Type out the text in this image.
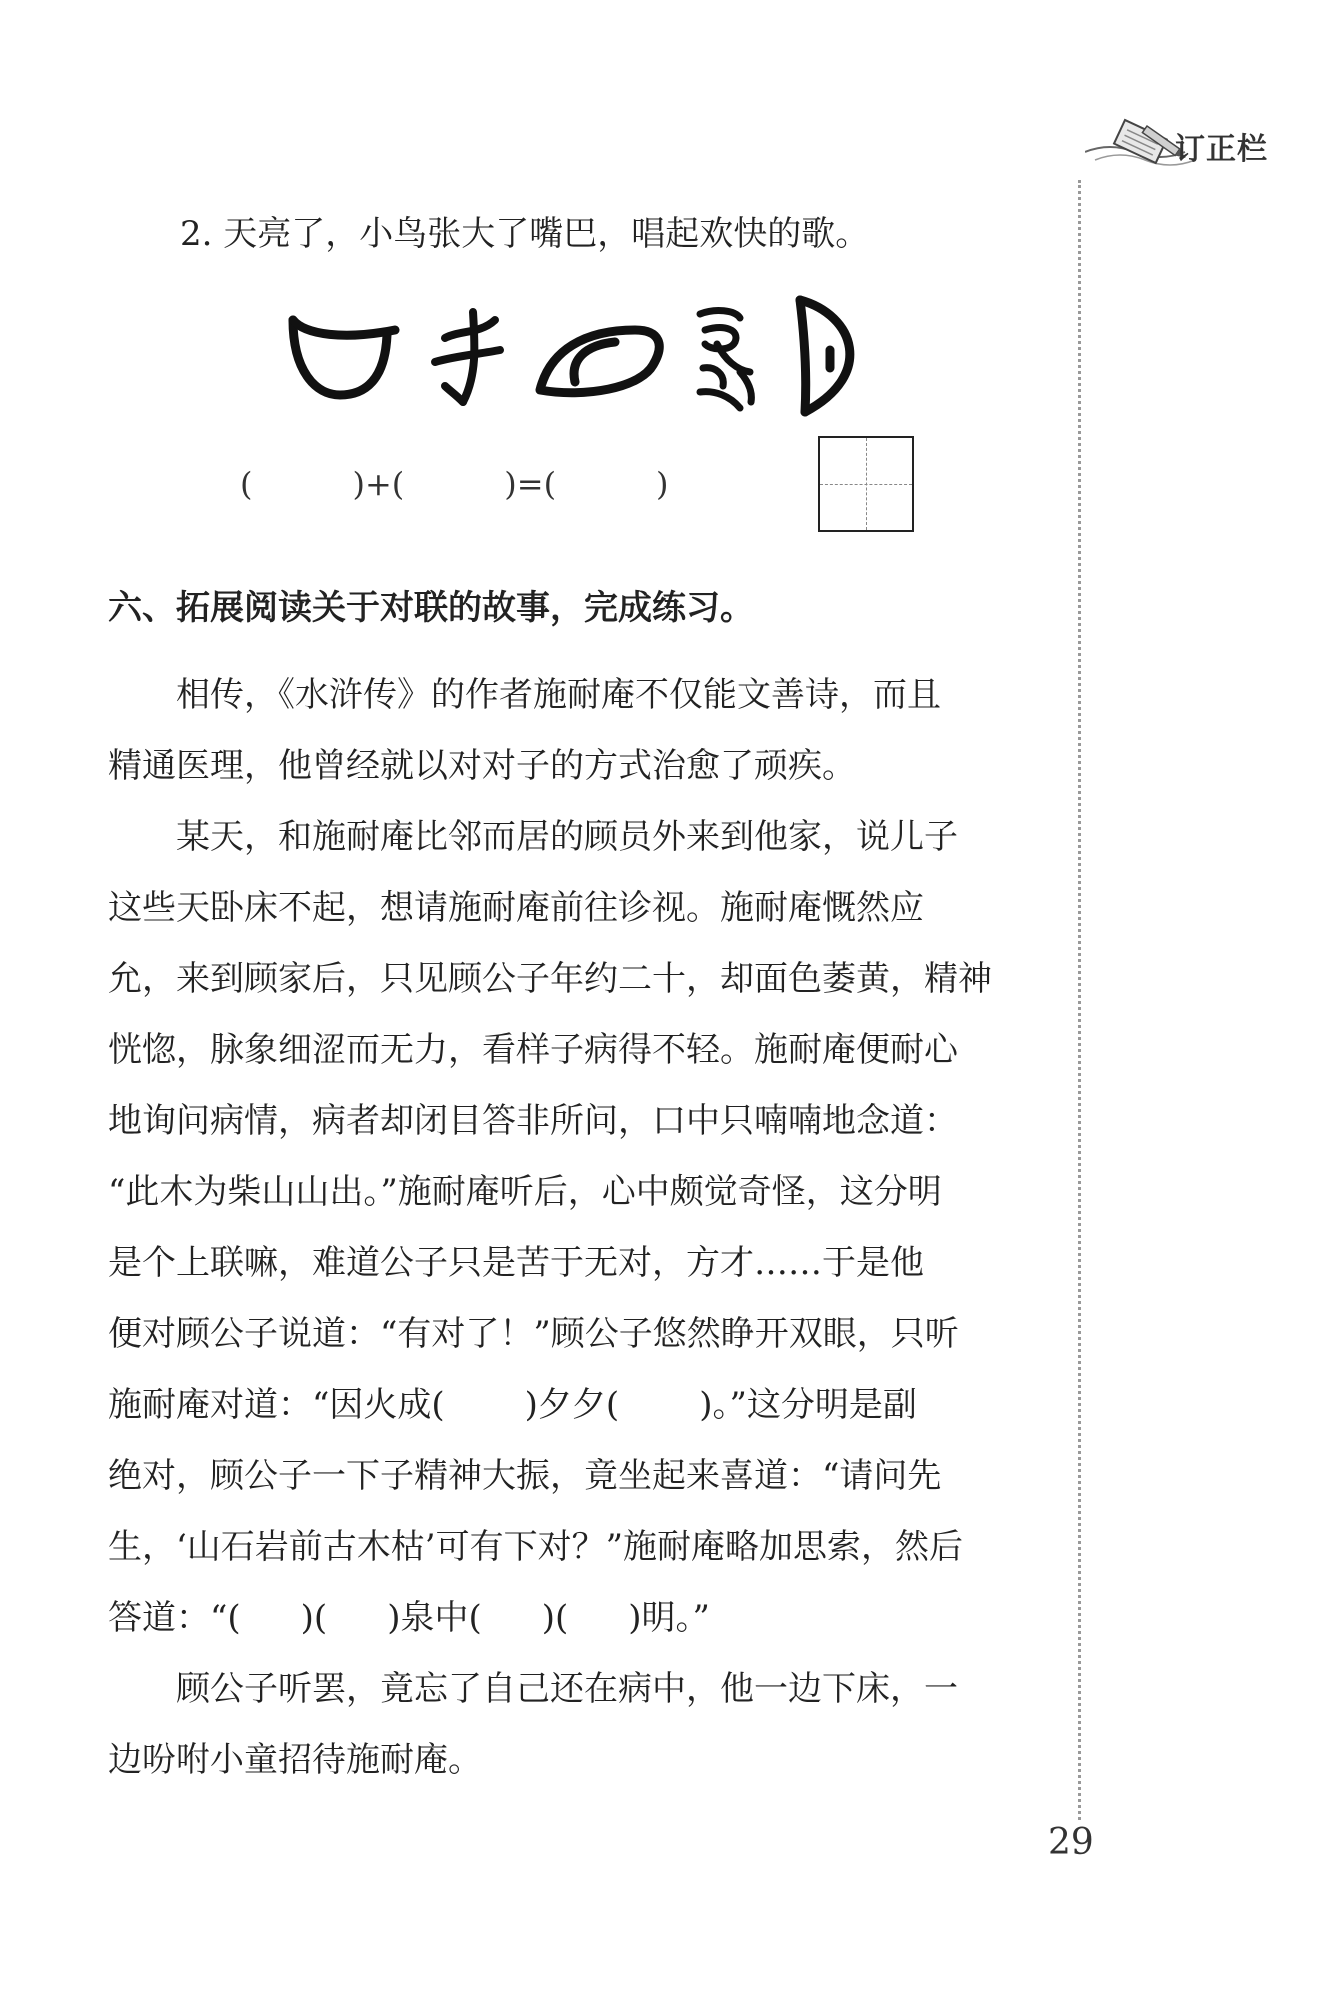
订正栏
2. 天亮了，小鸟张大了嘴巴，唱起欢快的歌。
(	)+(	)=(	)
六、拓展阅读关于对联的故事，完成练习。

　　相传，《水浒传》的作者施耐庵不仅能文善诗，而且

精通医理，他曾经就以对对子的方式治愈了顽疾。

　　某天，和施耐庵比邻而居的顾员外来到他家，说儿子

这些天卧床不起，想请施耐庵前往诊视。施耐庵慨然应

允，来到顾家后，只见顾公子年约二十，却面色萎黄，精神

恍惚，脉象细涩而无力，看样子病得不轻。施耐庵便耐心

地询问病情，病者却闭目答非所问，口中只喃喃地念道：

“此木为柴山山出。”施耐庵听后，心中颇觉奇怪，这分明

是个上联嘛，难道公子只是苦于无对，方才……于是他

便对顾公子说道：“有对了！”顾公子悠然睁开双眼，只听

施耐庵对道：“因火成( )夕夕( )。”这分明是副

绝对，顾公子一下子精神大振，竟坐起来喜道：“请问先

生，‘山石岩前古木枯’可有下对？”施耐庵略加思索，然后

答道：“( )( )泉中( )( )明。”

　　顾公子听罢，竟忘了自己还在病中，他一边下床，一

边吩咐小童招待施耐庵。

29
